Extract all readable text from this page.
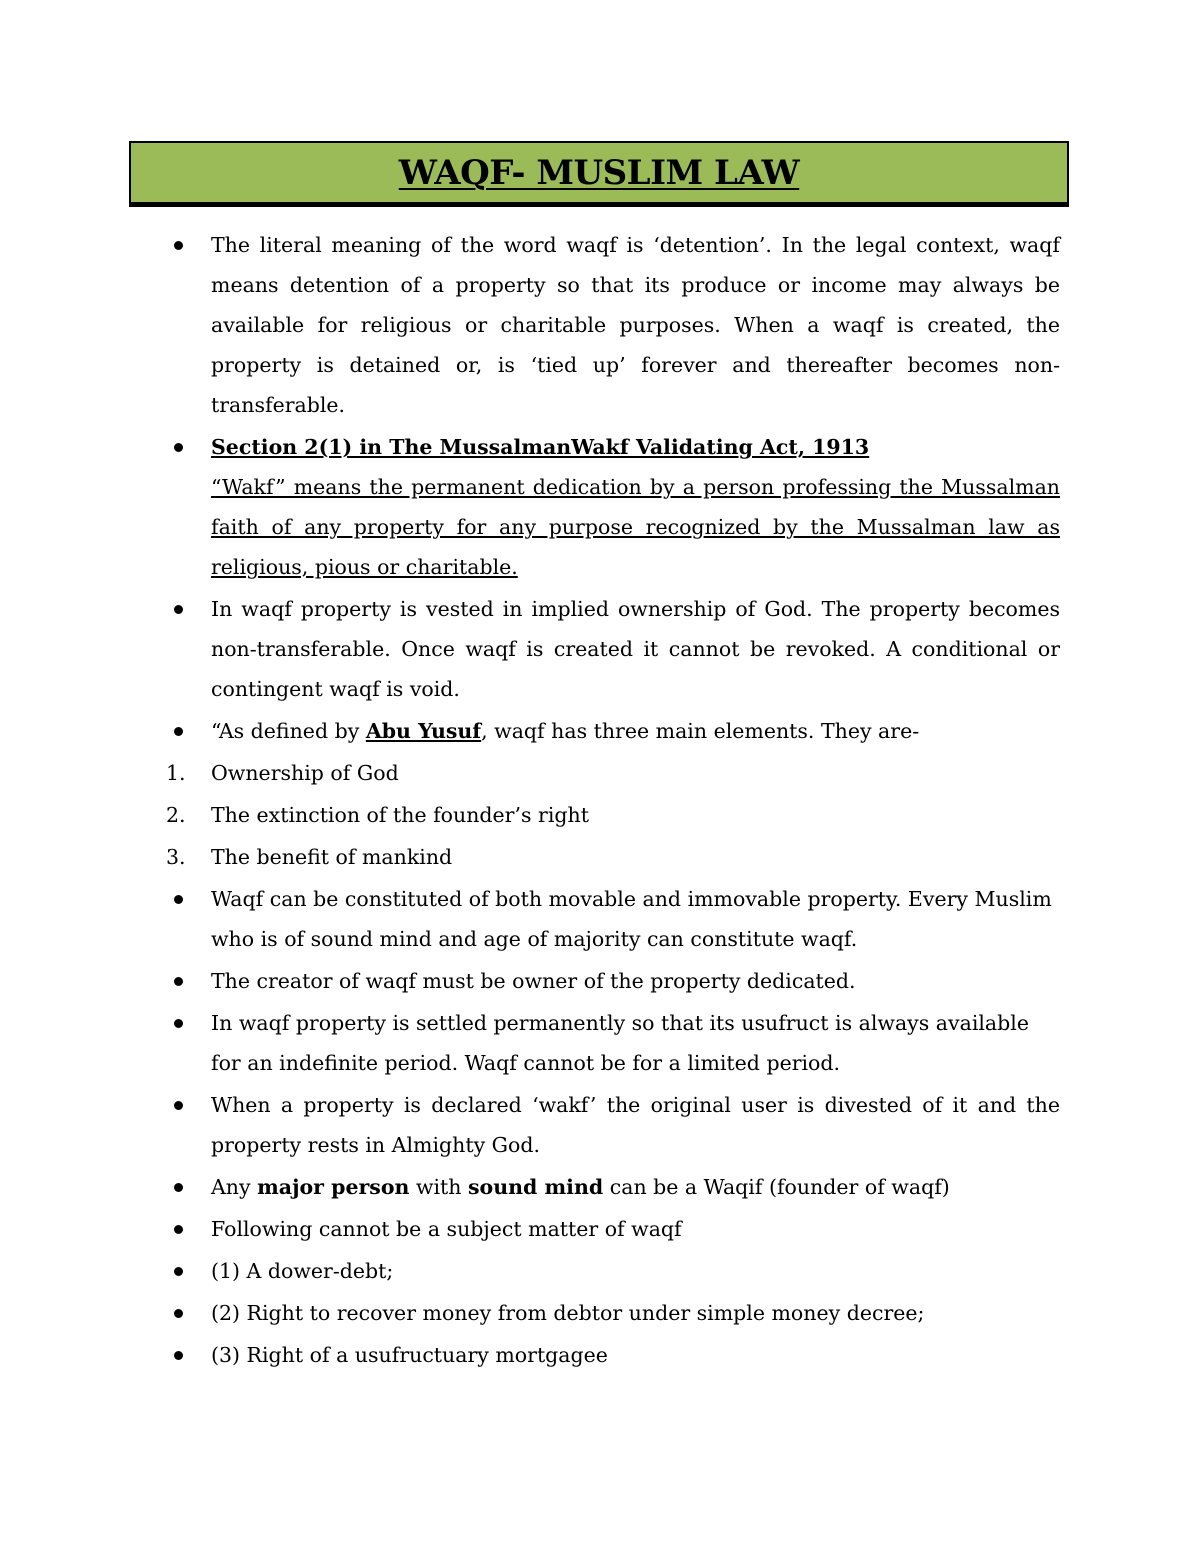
WAQF- MUSLIM LAW
The literal meaning of the word waqf is ‘detention’. In the legal context, waqf means detention of a property so that its produce or income may always be available for religious or charitable purposes. When a waqf is created, the property is detained or, is ‘tied up’ forever and thereafter becomes non-transferable.
Section 2(1) in The MussalmanWakf Validating Act, 1913
“Wakf” means the permanent dedication by a person professing the Mussalman faith of any property for any purpose recognized by the Mussalman law as religious, pious or charitable.
In waqf property is vested in implied ownership of God. The property becomes non-transferable. Once waqf is created it cannot be revoked. A conditional or contingent waqf is void.
“As defined by Abu Yusuf, waqf has three main elements. They are-
1.	Ownership of God
2.	The extinction of the founder’s right
3.	The benefit of mankind
Waqf can be constituted of both movable and immovable property. Every Muslim who is of sound mind and age of majority can constitute waqf.
The creator of waqf must be owner of the property dedicated.
In waqf property is settled permanently so that its usufruct is always available for an indefinite period. Waqf cannot be for a limited period.
When a property is declared ‘wakf’ the original user is divested of it and the property rests in Almighty God.
Any major person with sound mind can be a Waqif (founder of waqf)
Following cannot be a subject matter of waqf
(1) A dower-debt;
(2) Right to recover money from debtor under simple money decree;
(3) Right of a usufructuary mortgagee
